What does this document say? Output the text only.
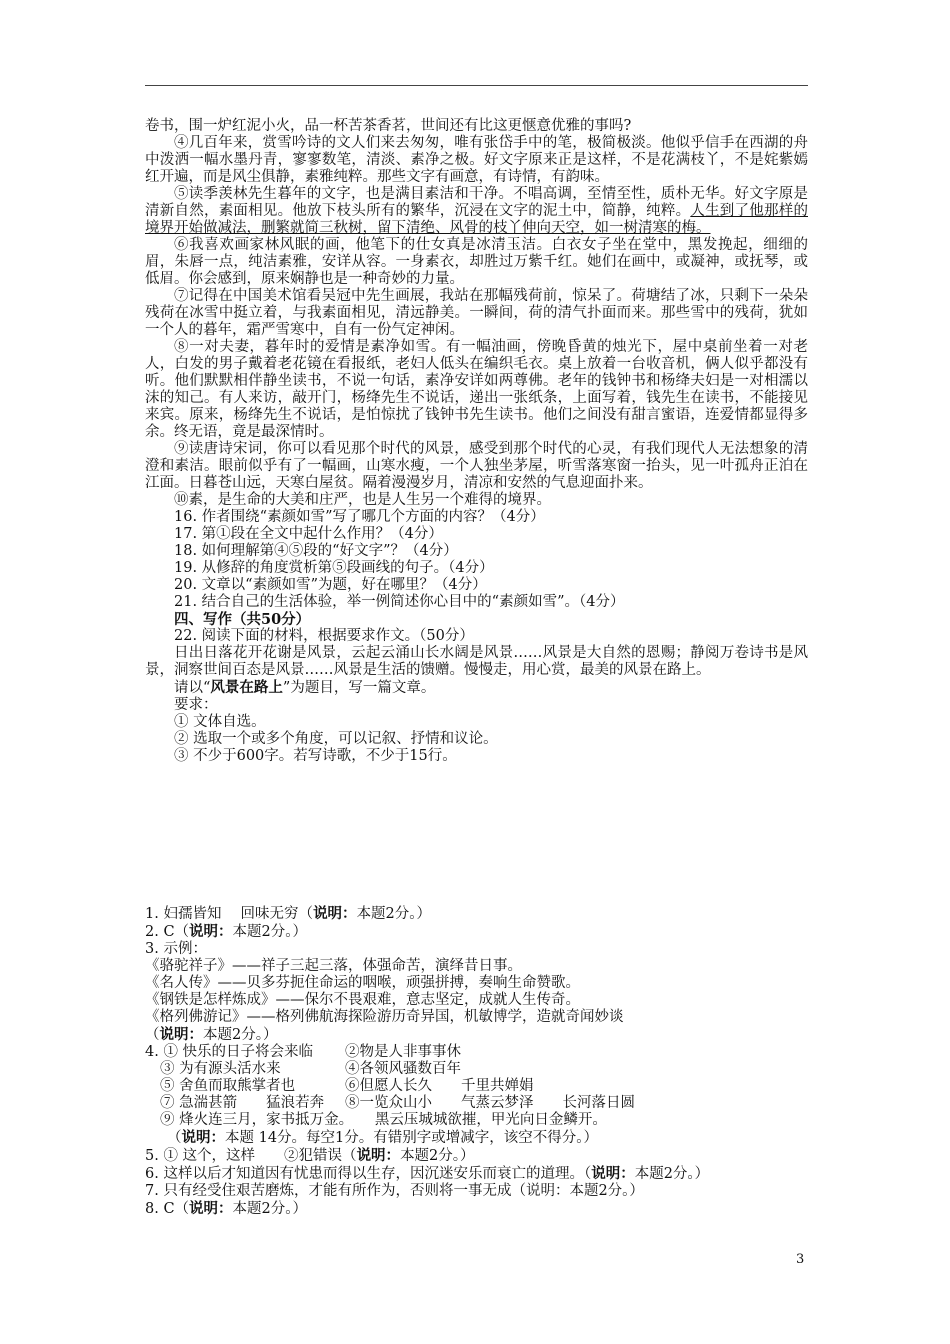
卷书，围一炉红泥小火，品一杯苦茶香茗，世间还有比这更惬意优雅的事吗?

④几百年来，赏雪吟诗的文人们来去匆匆，唯有张岱手中的笔，极简极淡。他似乎信手在西湖的舟中泼洒一幅水墨丹青，寥寥数笔，清淡、素净之极。好文字原来正是这样，不是花满枝丫，不是姹紫嫣红开遍，而是风尘俱静，素雅纯粹。那些文字有画意，有诗情，有韵味。

⑤读季羡林先生暮年的文字，也是满目素洁和干净。不唱高调，至情至性，质朴无华。好文字原是清新自然，素面相见。他放下枝头所有的繁华，沉浸在文字的泥土中，简静，纯粹。人生到了他那样的境界开始做减法，删繁就简三秋树，留下清绝、风骨的枝丫伸向天空，如一树清寒的梅。

⑥我喜欢画家林风眠的画，他笔下的仕女真是冰清玉洁。白衣女子坐在堂中，黑发挽起，细细的眉，朱唇一点，纯洁素雅，安详从容。一身素衣，却胜过万紫千红。她们在画中，或凝神，或抚琴，或低眉。你会感到，原来娴静也是一种奇妙的力量。

⑦记得在中国美术馆看吴冠中先生画展，我站在那幅残荷前，惊呆了。荷塘结了冰，只剩下一朵朵残荷在冰雪中挺立着，与我素面相见，清远静美。一瞬间，荷的清气扑面而来。那些雪中的残荷，犹如一个人的暮年，霜严雪寒中，自有一份气定神闲。

⑧一对夫妻，暮年时的爱情是素净如雪。有一幅油画，傍晚昏黄的烛光下，屋中桌前坐着一对老人，白发的男子戴着老花镜在看报纸，老妇人低头在编织毛衣。桌上放着一台收音机，俩人似乎都没有听。他们默默相伴静坐读书，不说一句话，素净安详如两尊佛。老年的钱钟书和杨绛夫妇是一对相濡以沫的知己。有人来访，敲开门，杨绛先生不说话，递出一张纸条，上面写着，钱先生在读书，不能接见来宾。原来，杨绛先生不说话，是怕惊扰了钱钟书先生读书。他们之间没有甜言蜜语，连爱情都显得多余。终无语，竟是最深情时。

⑨读唐诗宋词，你可以看见那个时代的风景，感受到那个时代的心灵，有我们现代人无法想象的清澄和素洁。眼前似乎有了一幅画，山寒水瘦，一个人独坐茅屋，听雪落寒窗一抬头，见一叶孤舟正泊在江面。日暮苍山远，天寒白屋贫。隔着漫漫岁月，清凉和安然的气息迎面扑来。

⑩素，是生命的大美和庄严，也是人生另一个难得的境界。

16. 作者围绕“素颜如雪”写了哪几个方面的内容？（4分）

17. 第①段在全文中起什么作用？（4分）

18. 如何理解第④⑤段的“好文字”？（4分）

19. 从修辞的角度赏析第⑤段画线的句子。（4分）

20. 文章以“素颜如雪”为题，好在哪里？（4分）

21. 结合自己的生活体验，举一例简述你心目中的“素颜如雪”。（4分）

四、写作（共50分）

22. 阅读下面的材料，根据要求作文。（50分）

日出日落花开花谢是风景，云起云涌山长水阔是风景……风景是大自然的恩赐；静阅万卷诗书是风景，洞察世间百态是风景……风景是生活的馈赠。慢慢走，用心赏，最美的风景在路上。

请以“风景在路上”为题目，写一篇文章。

要求：

① 文体自选。

② 选取一个或多个角度，可以记叙、抒情和议论。

③ 不少于600字。若写诗歌，不少于15行。

1. 妇孺皆知　 回味无穷（说明：本题2分。）

2. C（说明：本题2分。）

3. 示例：

《骆驼祥子》——祥子三起三落，体强命苦，演绎昔日事。

《名人传》——贝多芬扼住命运的咽喉，顽强拼搏，奏响生命赞歌。

《钢铁是怎样炼成》——保尔不畏艰难，意志坚定，成就人生传奇。

《格列佛游记》——格列佛航海探险游历奇异国，机敏博学，造就奇闻妙谈

（说明：本题2分。）

4. ① 快乐的日子将会来临 ②物是人非事事休

③ 为有源头活水来	④各领风骚数百年

⑤ 舍鱼而取熊掌者也	⑥但愿人长久　　千里共婵娟

⑦ 急湍甚箭　　猛浪若奔 ⑧一览众山小　　气蒸云梦泽　　长河落日圆

⑨ 烽火连三月，家书抵万金。　　黑云压城城欲摧，甲光向日金鳞开。

（说明：本题 14分。每空1分。有错别字或增减字，该空不得分。）

5. ① 这个，这样　　②犯错误（说明：本题2分。）

6. 这样以后才知道因有忧患而得以生存，因沉迷安乐而衰亡的道理。（说明：本题2分。）

7. 只有经受住艰苦磨炼，才能有所作为，否则将一事无成（说明：本题2分。）

8. C（说明：本题2分。）

3
